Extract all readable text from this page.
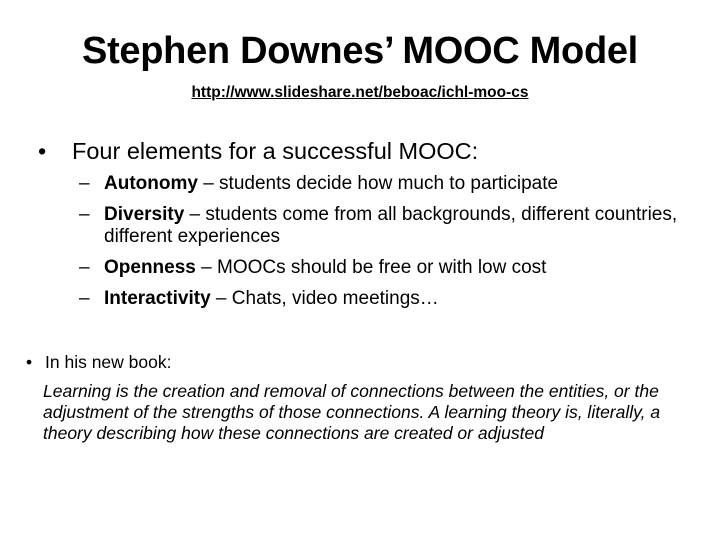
Stephen Downes’ MOOC Model
http://www.slideshare.net/beboac/ichl-moo-cs
• Four elements for a successful MOOC:
– Autonomy – students decide how much to participate
– Diversity – students come from all backgrounds, different countries, different experiences
– Openness – MOOCs should be free or with low cost
– Interactivity – Chats, video meetings…
• In his new book:

Learning is the creation and removal of connections between the entities, or the adjustment of the strengths of those connections. A learning theory is, literally, a theory describing how these connections are created or adjusted
